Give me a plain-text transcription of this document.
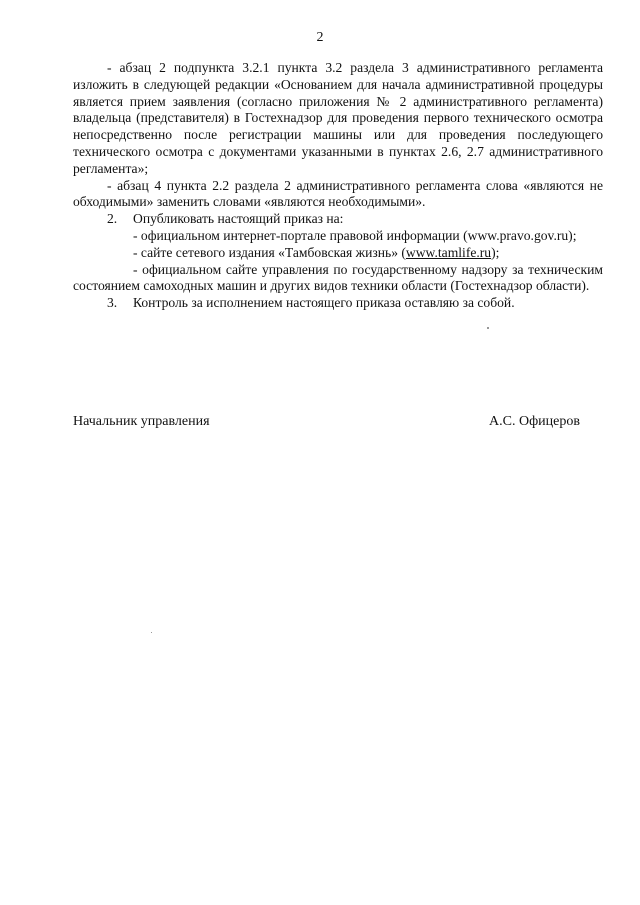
2

- абзац 2 подпункта 3.2.1 пункта 3.2 раздела 3 административного регламента изложить в следующей редакции «Основанием для начала административной процедуры является прием заявления (согласно приложения № 2 административного регламента) владельца (представителя) в Гостехнадзор для проведения первого технического осмотра непосредственно после регистрации машины или для проведения последующего технического осмотра с документами указанными в пунктах 2.6, 2.7 административного регламента»;

- абзац 4 пункта 2.2 раздела 2 административного регламента слова «являются не обходимыми» заменить словами «являются необходимыми».

2. Опубликовать настоящий приказ на:

- официальном интернет-портале правовой информации (www.pravo.gov.ru);

- сайте сетевого издания «Тамбовская жизнь» (www.tamlife.ru);

- официальном сайте управления по государственному надзору за техническим состоянием самоходных машин и других видов техники области (Гостехнадзор области).

3. Контроль за исполнением настоящего приказа оставляю за собой.

Начальник управления	А.С. Офицеров
